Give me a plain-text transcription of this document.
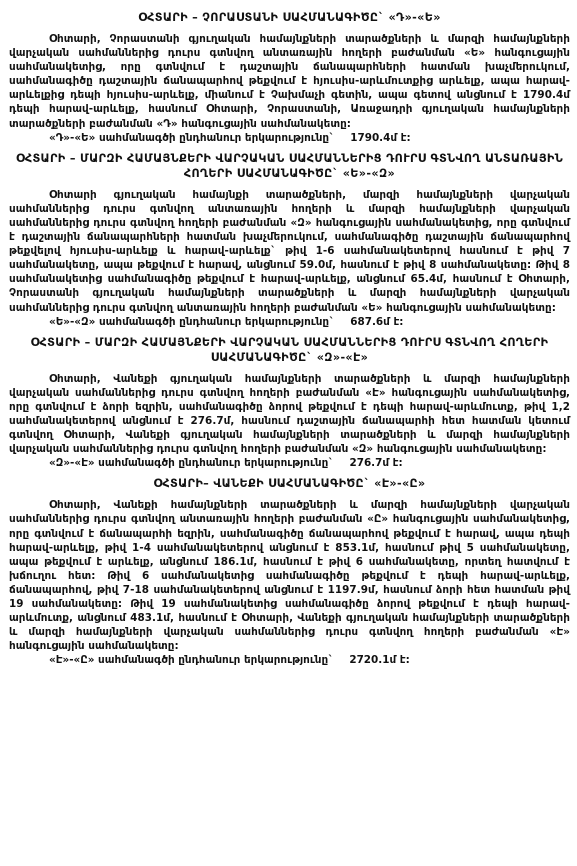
ՕՀՏԱՐԻ – ՉՈՐԱՍՏԱՆԻ ՍԱՀՄԱՆԱԳԻԾԸ` «Դ»-«Ե»

Օհտարի, Չորաստանի գյուղական համայնքների տարածքների և մարզի համայնքների վարչական սահմաններից դուրս գտնվող անտառային հողերի բաժանման «Ե» հանգուցային սահմանակետից, որը գտնվում է դաշտային ճանապարհների հատման խաչմերուկում, սահմանագիծը դաշտային ճանապարհով թեքվում է հյուսիս-արևմուտքից արևելք, ապա հարավ-արևելքից դեպի հյուսիս-արևելք, միանում է Չախմաչի գետին, ապա գետով անցնում է 1790.4մ դեպի հարավ-արևելք, հասնում Օհտարի, Չորաստանի, Առաջադրի գյուղական համայնքների տարածքների բաժանման «Դ» հանգուցային սահմանակետը:

«Դ»-«Ե» սահմանագծի ընդհանուր երկարությունը` 1790.4մ է:
ՕՀՏԱՐԻ – ՄԱՐԶԻ ՀԱՄԱՅՆՔԵՐԻ ՎԱՐՉԱԿԱՆ ՍԱՀՄԱՆՆԵՐԻՑ ԴՈՒՐՍ ԳՏՆՎՈՂ ԱՆՏԱՌԱՅԻՆ ՀՈՂԵՐԻ ՍԱՀՄԱՆԱԳԻԾԸ` «Ե»-«Զ»

Օհտարի գյուղական համայնքի տարածքների, մարզի համայնքների վարչական սահմաններից դուրս գտնվող անտառային հողերի և մարզի համայնքների վարչական սահմաններից դուրս գտնվող հողերի բաժանման «Զ» հանգուցային սահմանակետից, որը գտնվում է դաշտային ճանապարհների հատման խաչմերուկում, սահմանագիծը դաշտային ճանապարհով թեքվելով հյուսիս-արևելք և հարավ-արևելք` թիվ 1-6 սահմանակետերով հասնում է թիվ 7 սահմանակետը, ապա թեքվում է հարավ, անցնում 59.0մ, հասնում է թիվ 8 սահմանակետը: Թիվ 8 սահմանակետից սահմանագիծը թեքվում է հարավ-արևելք, անցնում 65.4մ, հասնում է Օհտարի, Չորաստանի գյուղական համայնքների տարածքների և մարզի համայնքների վարչական սահմաններից դուրս գտնվող անտառային հողերի բաժանման «Ե» հանգուցային սահմանակետը:

«Ե»-«Զ» սահմանագծի ընդհանուր երկարությունը` 687.6մ է:
ՕՀՏԱՐԻ – ՄԱՐԶԻ ՀԱՄԱՅՆՔԵՐԻ ՎԱՐՉԱԿԱՆ ՍԱՀՄԱՆՆԵՐԻՑ ԴՈՒՐՍ ԳՏՆՎՈՂ ՀՈՂԵՐԻ ՍԱՀՄԱՆԱԳԻԾԸ` «Զ»-«Է»

Օհտարի, Վանեքի գյուղական համայնքների տարածքների և մարզի համայնքների վարչական սահմաններից դուրս գտնվող հողերի բաժանման «Է» հանգուցային սահմանակետից, որը գտնվում է ձորի եզրին, սահմանագիծը ձորով թեքվում է դեպի հարավ-արևմուտք, թիվ 1,2 սահմանակետերով անցնում է 276.7մ, հասնում դաշտային ճանապարհի հետ հատման կետում գտնվող Օհտարի, Վանեքի գյուղական համայնքների տարածքների և մարզի համայնքների վարչական սահմաններից դուրս գտնվող հողերի բաժանման «Զ» հանգուցային սահմանակետը:

«Զ»-«Է» սահմանագծի ընդհանուր երկարությունը` 276.7մ է:
ՕՀՏԱՐԻ– ՎԱՆԵՔԻ ՍԱՀՄԱՆԱԳԻԾԸ` «Է»-«Ը»

Օհտարի, Վանեքի համայնքների տարածքների և մարզի համայնքների վարչական սահմաններից դուրս գտնվող անտառային հողերի բաժանման «Ը» հանգուցային սահմանակետից, որը գտնվում է ճանապարհի եզրին, սահմանագիծը ճանապարհով թեքվում է հարավ, ապա դեպի հարավ-արևելք, թիվ 1-4 սահմանակետերով անցնում է 853.1մ, հասնում թիվ 5 սահմանակետը, ապա թեքվում է արևելք, անցնում 186.1մ, հասնում է թիվ 6 սահմանակետը, որտեղ հատվում է խճուղու հետ: Թիվ 6 սահմանակետից սահմանագիծը թեքվում է դեպի հարավ-արևելք, ճանապարհով, թիվ 7-18 սահմանակետերով անցնում է 1197.9մ, հասնում ձորի հետ հատման թիվ 19 սահմանակետը: Թիվ 19 սահմանակետից սահմանագիծը ձորով թեքվում է դեպի հարավ-արևմուտք, անցնում 483.1մ, հասնում է Օհտարի, Վանեքի գյուղական համայնքների տարածքների և մարզի համայնքների վարչական սահմաններից դուրս գտնվող հողերի բաժանման «Է» հանգուցային սահմանակետը:

«Է»-«Ը» սահմանագծի ընդհանուր երկարությունը` 2720.1մ է:
